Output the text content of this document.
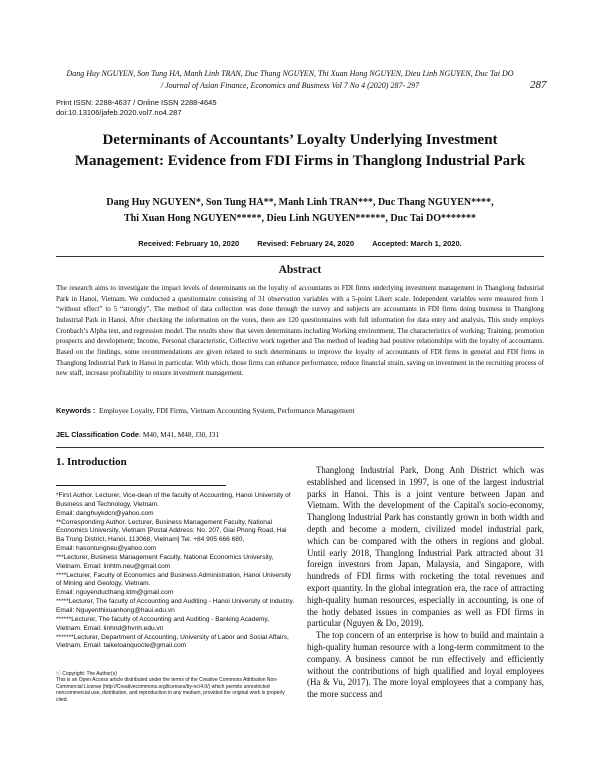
Dang Huy NGUYEN, Son Tung HA, Manh Linh TRAN, Duc Thang NGUYEN, Thi Xuan Hong NGUYEN, Dieu Linh NGUYEN, Duc Tai DO
/ Journal of Asian Finance, Economics and Business Vol 7 No 4 (2020) 287- 297	287
Print ISSN: 2288-4637 / Online ISSN 2288-4645
doi:10.13106/jafeb.2020.vol7.no4.287
Determinants of Accountants’ Loyalty Underlying Investment
Management: Evidence from FDI Firms in Thanglong Industrial Park
Dang Huy NGUYEN*, Son Tung HA**, Manh Linh TRAN***, Duc Thang NGUYEN****,
Thi Xuan Hong NGUYEN*****, Dieu Linh NGUYEN******, Duc Tai DO*******
Received: February 10, 2020 Revised: February 24, 2020 Accepted: March 1, 2020.
Abstract
The research aims to investigate the impact levels of determinants on the loyalty of accountants to FDI firms underlying investment management in Thanglong Industrial Park in Hanoi, Vietnam. We conducted a questionnaire consisting of 31 observation variables with a 5-point Likert scale. Independent variables were measured from 1 “without effect” to 5 “strongly”. The method of data collection was done through the survey and subjects are accountants in FDI firms doing business in Thanglong Industrial Park in Hanoi. After checking the information on the votes, there are 120 questionnaires with full information for data entry and analysis, This study employs Cronbach’s Alpha test, and regression model. The results show that seven determinants including Working environment, The characteristics of working; Training, promotion prospects and development; Income, Personal characteristic, Collective work together and The method of leading had positive relationships with the loyalty of accountants. Based on the findings, some recommendations are given related to such determinants to improve the loyalty of accountants of FDI firms in general and FDI firms in Thanglong Industrial Park in Hanoi in particular. With which, those firms can enhance performance, reduce financial strain, saving on investment in the recruiting process of new staff, increase profitability to ensure investment management.
Keywords : Employee Loyalty, FDI Firms, Vietnam Accounting System, Performance Management
JEL Classification Code: M40, M41, M48, J30, J31
1. Introduction

*First Author. Lecturer, Vice-dean of the faculty of Accounting, Hanoi University of Business and Technology, Vietnam.

Email: danghuykdcn@yahoo.com

**Corresponding Author. Lecturer, Business Management Faculty, National Economics University, Vietnam [Postal Address: No. 207, Giai Phong Road, Hai Ba Trung District, Hanoi, 113068, Vietnam] Tel. +84 905 666 680,

Email: hasontungneu@yahoo.com

***Lecturer, Business Management Faculty, National Economics University, Vietnam. Email: linhtm.neu@gmail.com

****Lecturer, Faculty of Economics and Business Administration, Hanoi University of Mining and Geology, Vietnam.

Email: nguyenducthang.ktm@gmail.com

*****Lecturer, The faculty of Accounting and Auditing - Hanoi University of Industry. Email: Nguyenthixuanhong@haui.edu.vn

******Lecturer, The faculty of Accounting and Auditing - Banking Academy, Vietnam. Email: linhnd@hvnh.edu.vn

*******Lecturer, Department of Accounting, University of Labor and Social Affairs, Vietnam. Email: taiketoanquocte@gmail.com

ⓒ Copyright: The Author(s)

This is an Open Access article distributed under the terms of the Creative Commons Attribution Non-Commercial License (http://Creativecommons.org/licenses/by-nc/4.0/) which permits unrestricted noncommercial use, distribution, and reproduction in any medium, provided the original work is properly cited.

Thanglong Industrial Park, Dong Anh District which was established and licensed in 1997, is one of the largest industrial parks in Hanoi. This is a joint venture between Japan and Vietnam. With the development of the Capital's socio-economy, Thanglong Industrial Park has constantly grown in both width and depth and become a modern, civilized model industrial park, which can be compared with the others in regions and global. Until early 2018, Thanglong Industrial Park attracted about 31 foreign investors from Japan, Malaysia, and Singapore, with hundreds of FDI firms with rocketing the total revenues and export quantity. In the global integration era, the race of attracting high-quality human resources, especially in accounting, is one of the hotly debated issues in companies as well as FDI firms in particular (Nguyen & Do, 2019).

The top concern of an enterprise is how to build and maintain a high-quality human resource with a long-term commitment to the company. A business cannot be run effectively and efficiently without the contributions of high qualified and loyal employees (Ha & Vu, 2017). The more loyal employees that a company has, the more success and
